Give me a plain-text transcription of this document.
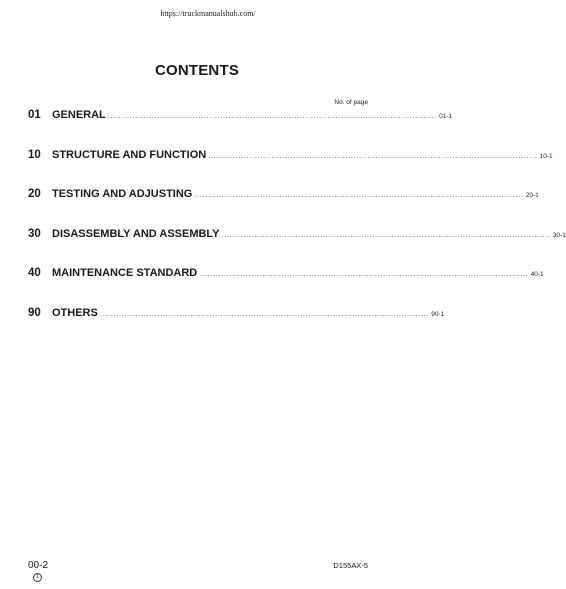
https://truckmanualshub.com/
CONTENTS
No. of page
01	GENERAL ........................................................................................................................ 01-1
10	STRUCTURE AND FUNCTION ........................................................................................................................ 10-1
20	TESTING AND ADJUSTING ........................................................................................................................ 20-1
30	DISASSEMBLY AND ASSEMBLY ........................................................................................................................ 30-1
40	MAINTENANCE STANDARD ........................................................................................................................ 40-1
90	OTHERS ........................................................................................................................ 90-1
00-2
1
D155AX-5
